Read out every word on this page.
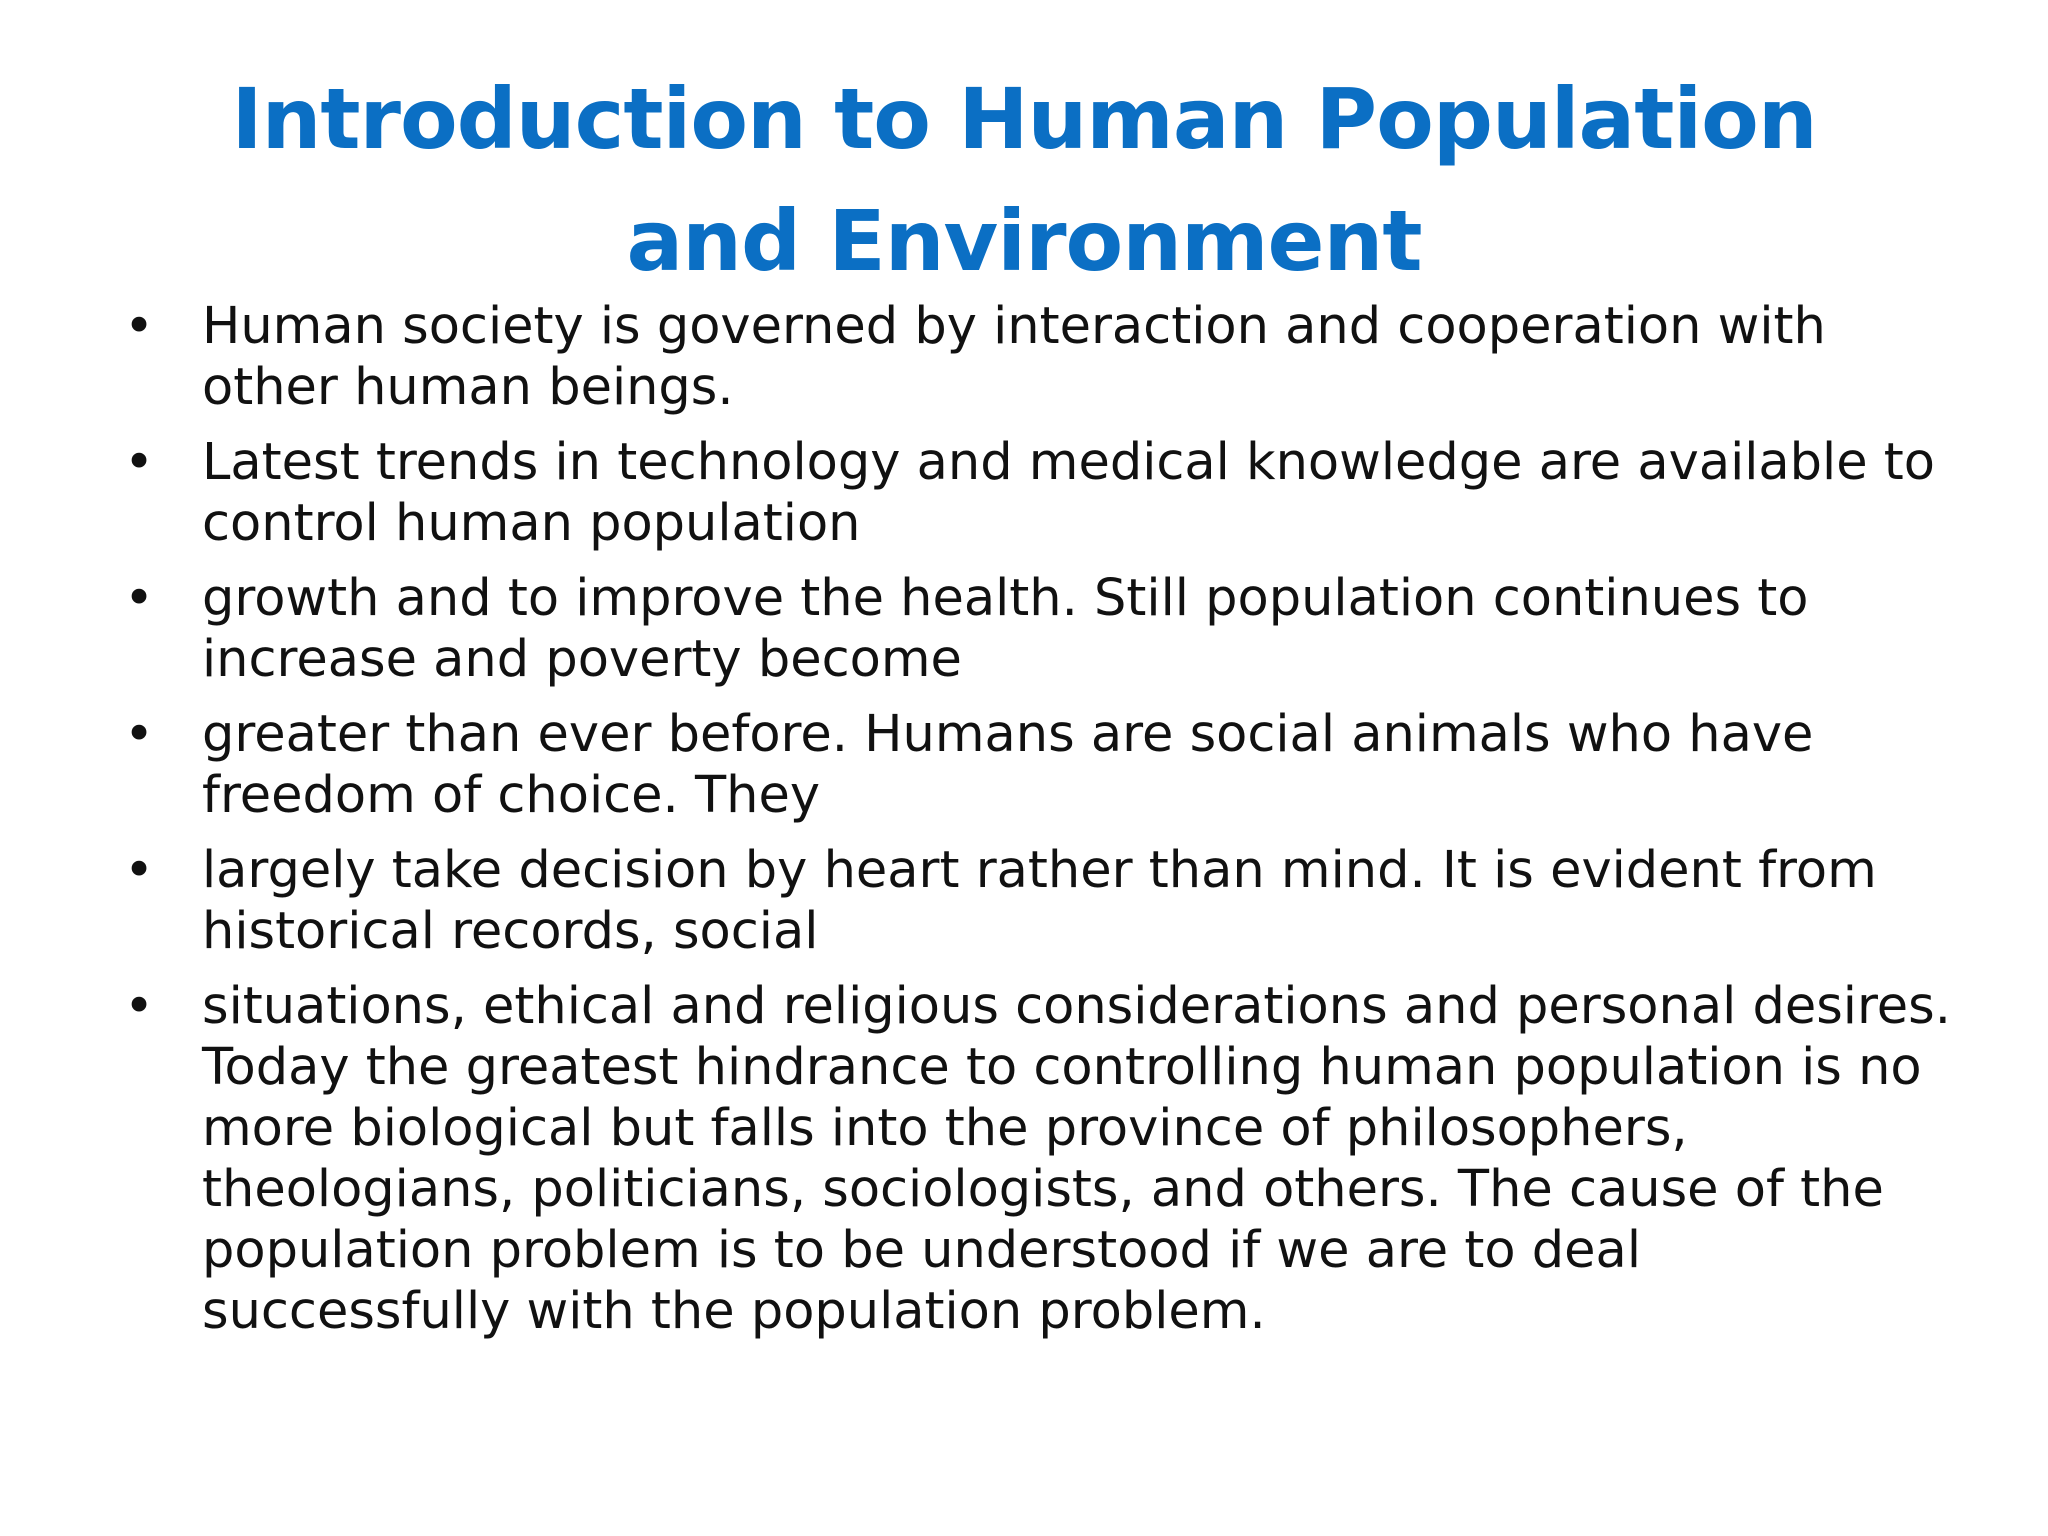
Introduction to Human Population and Environment
• Human society is governed by interaction and cooperation with other human beings.
• Latest trends in technology and medical knowledge are available to control human population
• growth and to improve the health. Still population continues to increase and poverty become
• greater than ever before. Humans are social animals who have freedom of choice. They
• largely take decision by heart rather than mind. It is evident from historical records, social
• situations, ethical and religious considerations and personal desires. Today the greatest hindrance to controlling human population is no more biological but falls into the province of philosophers, theologians, politicians, sociologists, and others. The cause of the population problem is to be understood if we are to deal successfully with the population problem.
